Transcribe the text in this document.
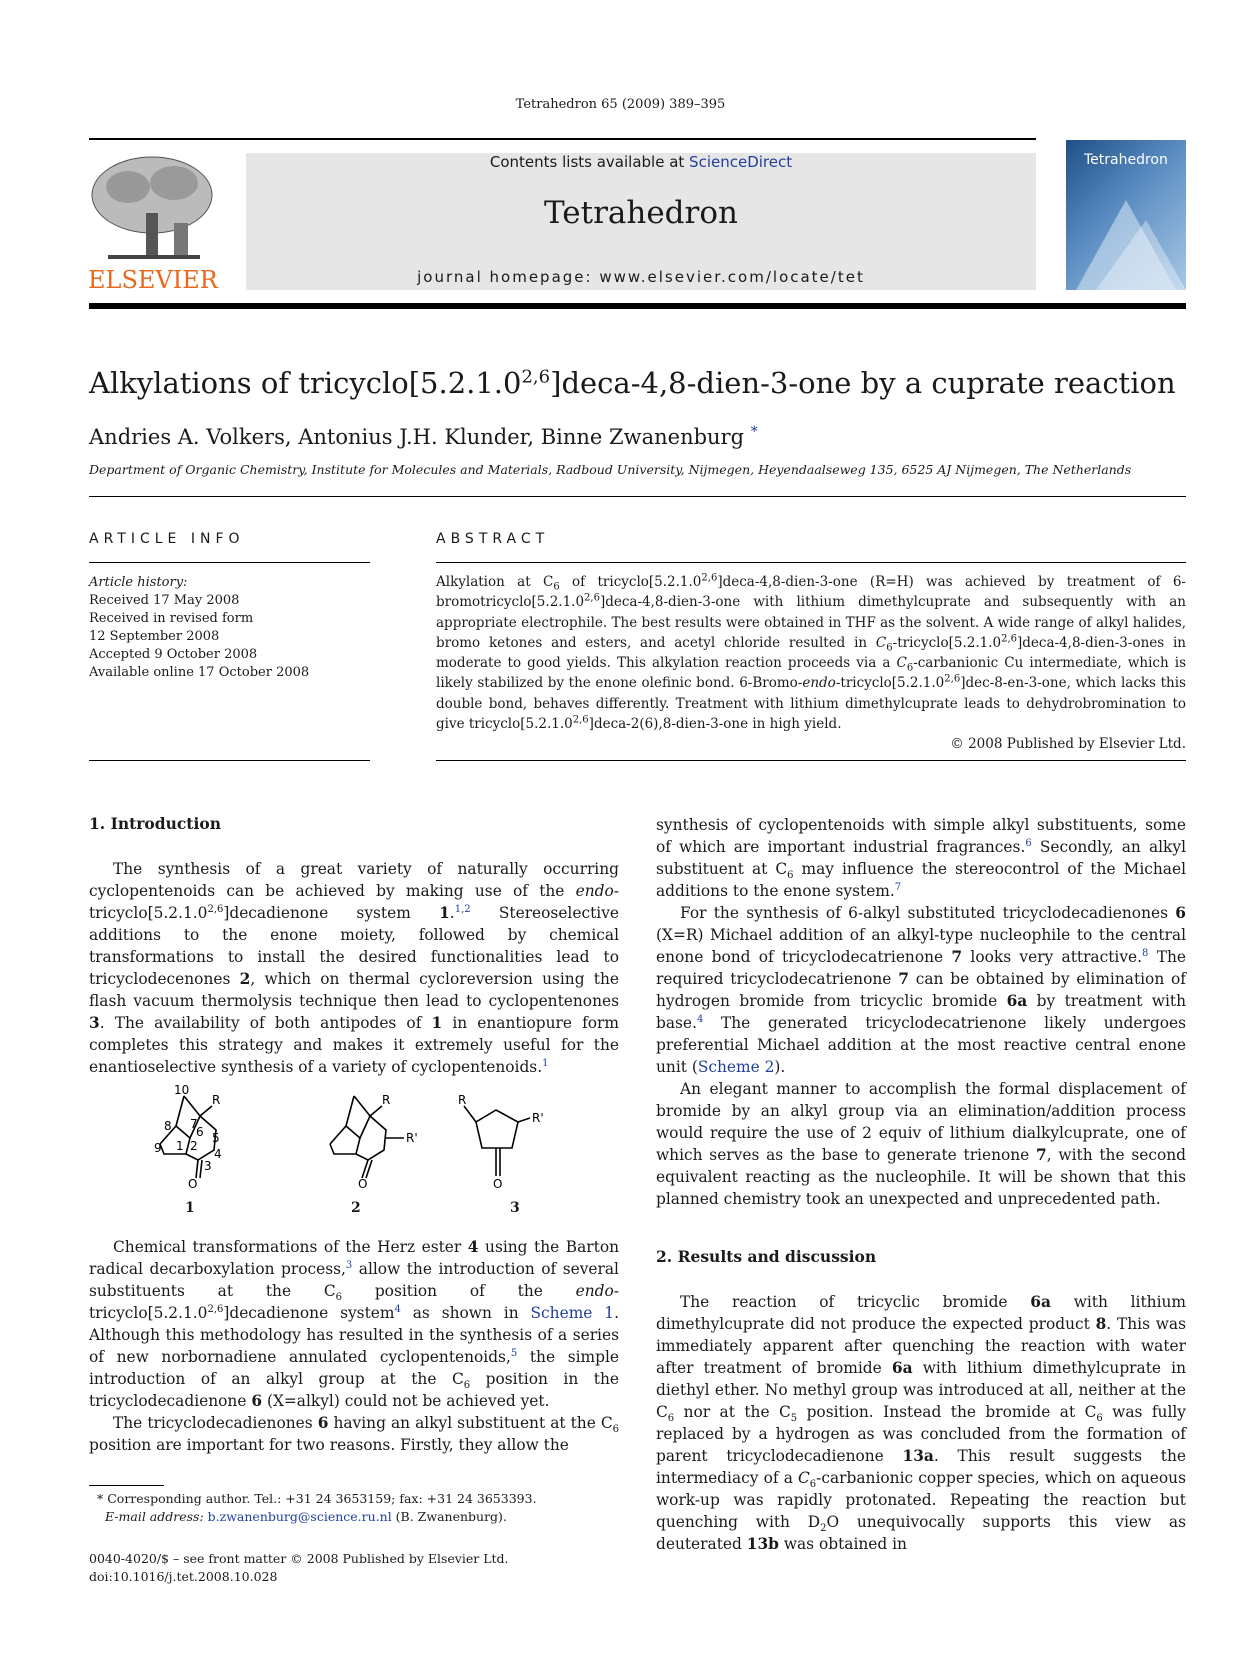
Tetrahedron 65 (2009) 389–395
ELSEVIER
Contents lists available at ScienceDirect
Tetrahedron
journal homepage: www.elsevier.com/locate/tet
Tetrahedron
Alkylations of tricyclo[5.2.1.0$^{2,6}$]deca-4,8-dien-3-one by a cuprate reaction
Andries A. Volkers, Antonius J.H. Klunder, Binne Zwanenburg *
Department of Organic Chemistry, Institute for Molecules and Materials, Radboud University, Nijmegen, Heyendaalseweg 135, 6525 AJ Nijmegen, The Netherlands
ARTICLE INFO
Article history:
Received 17 May 2008
Received in revised form
12 September 2008
Accepted 9 October 2008
Available online 17 October 2008
ABSTRACT
Alkylation at $C_6$ of tricyclo[5.2.1.0$^{2,6}$]deca-4,8-dien-3-one (R=H) was achieved by treatment of 6-bromotricyclo[5.2.1.0$^{2,6}$]deca-4,8-dien-3-one with lithium dimethylcuprate and subsequently with an appropriate electrophile. The best results were obtained in THF as the solvent. A wide range of alkyl halides, bromo ketones and esters, and acetyl chloride resulted in $C_6-tricyclo[5.2.1.0^{2,6}]deca-4,8-dien-3$-ones in moderate to good yields. This alkylation reaction proceeds via a $C_6$-carbanionic Cu intermediate, which is likely stabilized by the enone olefinic bond. 6-Bromo-endo-tricyclo[5.2.1.0$^{2,6}$]dec-8-en-3-one, which lacks this double bond, behaves differently. Treatment with lithium dimethylcuprate leads to dehydrobromination to give tricyclo[5.2.1.0$^{2,6}$]deca-2(6),8-dien-3-one in high yield.
© 2008 Published by Elsevier Ltd.
1. Introduction

The synthesis of a great variety of naturally occurring cyclopentenoids can be achieved by making use of the endo-tricyclo[5.2.1.0$^{2,6}$]decadienone system 1.$^{1,2}$ Stereoselective additions to the enone moiety, followed by chemical transformations to install the desired functionalities lead to tricyclodecenones 2, which on thermal cycloreversion using the flash vacuum thermolysis technique then lead to cyclopentenones 3. The availability of both antipodes of 1 in enantiopure form completes this strategy and makes it extremely useful for the enantioselective synthesis of a variety of cyclopentenoids.$^1$

10
R
8 7
6
9 1 2
5
4
3
O
R
R'
O
R
R'
O
1	2	3

Chemical transformations of the Herz ester 4 using the Barton radical decarboxylation process,$^3$ allow the introduction of several substituents at the $C_6$ position of the endo-tricyclo[5.2.1.0$^{2,6}$]decadienone system$^4$ as shown in Scheme 1. Although this methodology has resulted in the synthesis of a series of new norbornadiene annulated cyclopentenoids,$^5$ the simple introduction of an alkyl group at the $C_6$ position in the tricyclodecadienone 6 (X=alkyl) could not be achieved yet.

The tricyclodecadienones 6 having an alkyl substituent at the $C_6$ position are important for two reasons. Firstly, they allow the

* Corresponding author. Tel.: +31 24 3653159; fax: +31 24 3653393.
E-mail address: b.zwanenburg@science.ru.nl (B. Zwanenburg).
0040-4020/$ – see front matter © 2008 Published by Elsevier Ltd.
doi:10.1016/j.tet.2008.10.028

synthesis of cyclopentenoids with simple alkyl substituents, some of which are important industrial fragrances.$^6$ Secondly, an alkyl substituent at $C_6$ may influence the stereocontrol of the Michael additions to the enone system.$^7$

For the synthesis of 6-alkyl substituted tricyclodecadienones 6 (X=R) Michael addition of an alkyl-type nucleophile to the central enone bond of tricyclodecatrienone 7 looks very attractive.$^8$ The required tricyclodecatrienone 7 can be obtained by elimination of hydrogen bromide from tricyclic bromide 6a by treatment with base.$^4$ The generated tricyclodecatrienone likely undergoes preferential Michael addition at the most reactive central enone unit (Scheme 2).

An elegant manner to accomplish the formal displacement of bromide by an alkyl group via an elimination/addition process would require the use of 2 equiv of lithium dialkylcuprate, one of which serves as the base to generate trienone 7, with the second equivalent reacting as the nucleophile. It will be shown that this planned chemistry took an unexpected and unprecedented path.

2. Results and discussion

The reaction of tricyclic bromide 6a with lithium dimethylcuprate did not produce the expected product 8. This was immediately apparent after quenching the reaction with water after treatment of bromide 6a with lithium dimethylcuprate in diethyl ether. No methyl group was introduced at all, neither at the $C_6$ nor at the $C_5$ position. Instead the bromide at $C_6$ was fully replaced by a hydrogen as was concluded from the formation of parent tricyclodecadienone 13a. This result suggests the intermediacy of a $C_6$-carbanionic copper species, which on aqueous work-up was rapidly protonated. Repeating the reaction but quenching with $D_2O$ unequivocally supports this view as deuterated 13b was obtained in
